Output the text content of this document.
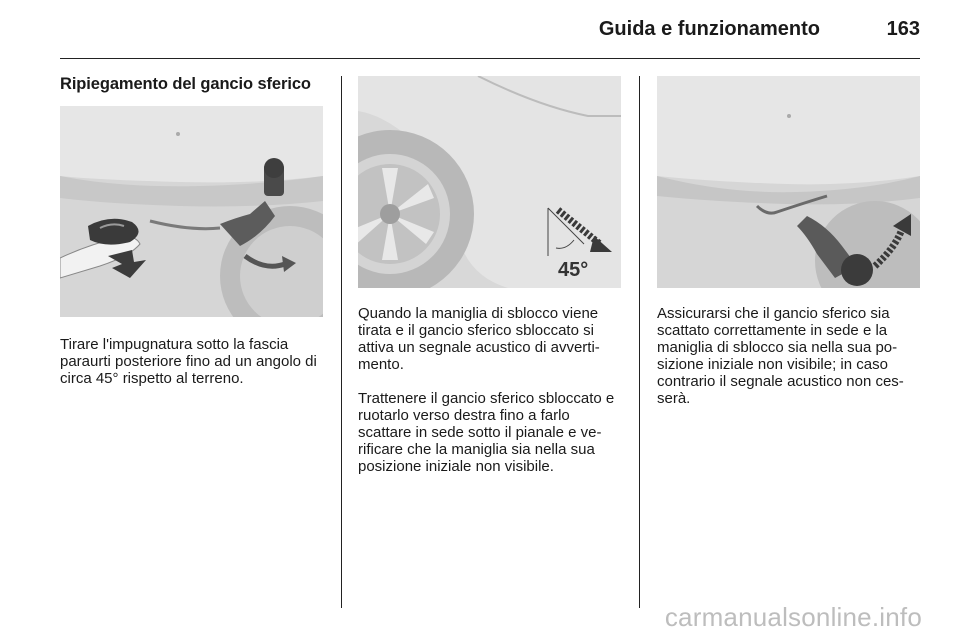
Guida e funzionamento	163
Ripiegamento del gancio sferico

Tirare l'impugnatura sotto la fascia paraurti posteriore fino ad un angolo di circa 45° rispetto al terreno.

45°

Quando la maniglia di sblocco viene tirata e il gancio sferico sbloccato si attiva un segnale acustico di avverti- mento.

Trattenere il gancio sferico sbloccato e ruotarlo verso destra fino a farlo scattare in sede sotto il pianale e ve- rificare che la maniglia sia nella sua posizione iniziale non visibile.

Assicurarsi che il gancio sferico sia scattato correttamente in sede e la maniglia di sblocco sia nella sua po- sizione iniziale non visibile; in caso contrario il segnale acustico non ces- serà.

carmanualsonline.info
